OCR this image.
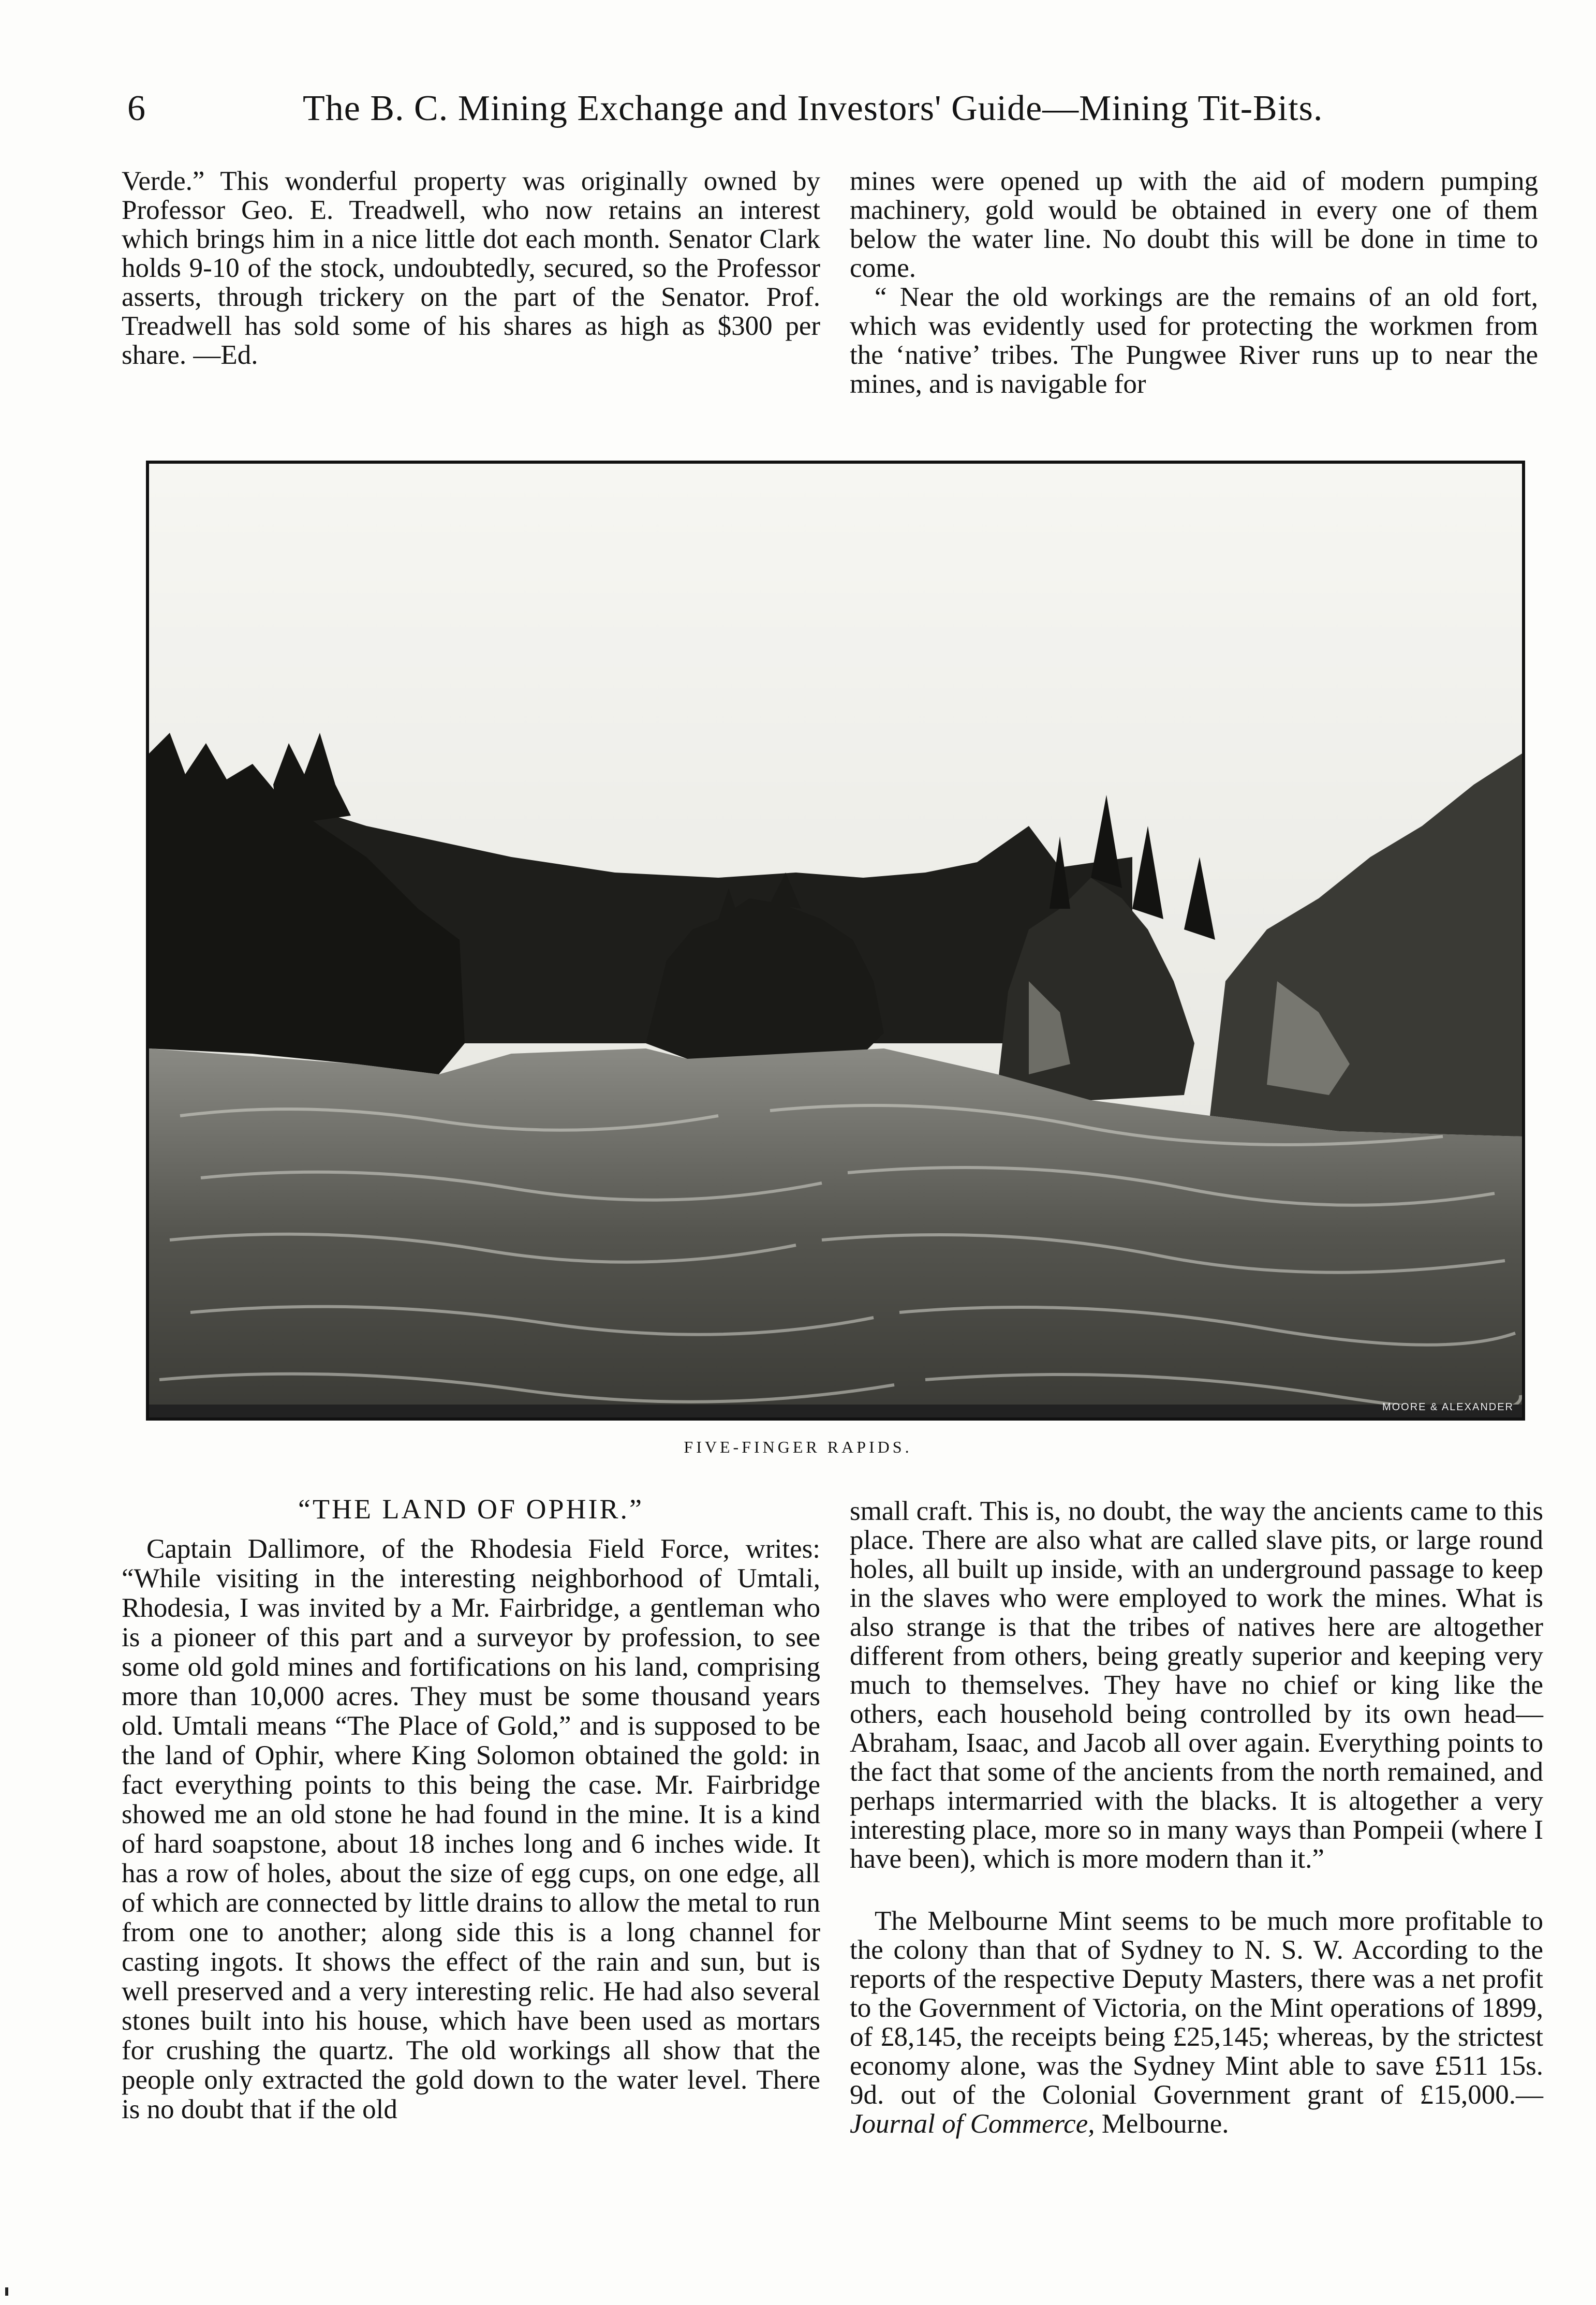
6	The B. C. Mining Exchange and Investors' Guide—Mining Tit-Bits.

Verde.” This wonderful property was originally owned by Professor Geo. E. Treadwell, who now retains an interest which brings him in a nice little dot each month. Senator Clark holds 9-10 of the stock, undoubtedly, secured, so the Professor asserts, through trickery on the part of the Senator. Prof. Treadwell has sold some of his shares as high as $300 per share. —Ed.

mines were opened up with the aid of modern pumping machinery, gold would be obtained in every one of them below the water line. No doubt this will be done in time to come.

“ Near the old workings are the remains of an old fort, which was evidently used for protecting the workmen from the ‘native’ tribes. The Pungwee River runs up to near the mines, and is navigable for

MOORE & ALEXANDER
FIVE-FINGER RAPIDS.
“THE LAND OF OPHIR.”

Captain Dallimore, of the Rhodesia Field Force, writes: “While visiting in the interesting neighborhood of Umtali, Rhodesia, I was invited by a Mr. Fairbridge, a gentleman who is a pioneer of this part and a surveyor by profession, to see some old gold mines and fortifications on his land, comprising more than 10,000 acres. They must be some thousand years old. Umtali means “The Place of Gold,” and is supposed to be the land of Ophir, where King Solomon obtained the gold: in fact everything points to this being the case. Mr. Fairbridge showed me an old stone he had found in the mine. It is a kind of hard soapstone, about 18 inches long and 6 inches wide. It has a row of holes, about the size of egg cups, on one edge, all of which are connected by little drains to allow the metal to run from one to another; along side this is a long channel for casting ingots. It shows the effect of the rain and sun, but is well preserved and a very interesting relic. He had also several stones built into his house, which have been used as mortars for crushing the quartz. The old workings all show that the people only extracted the gold down to the water level. There is no doubt that if the old

small craft. This is, no doubt, the way the ancients came to this place. There are also what are called slave pits, or large round holes, all built up inside, with an underground passage to keep in the slaves who were employed to work the mines. What is also strange is that the tribes of natives here are altogether different from others, being greatly superior and keeping very much to themselves. They have no chief or king like the others, each household being controlled by its own head—Abraham, Isaac, and Jacob all over again. Everything points to the fact that some of the ancients from the north remained, and perhaps intermarried with the blacks. It is altogether a very interesting place, more so in many ways than Pompeii (where I have been), which is more modern than it.”

The Melbourne Mint seems to be much more profitable to the colony than that of Sydney to N. S. W. According to the reports of the respective Deputy Masters, there was a net profit to the Government of Victoria, on the Mint operations of 1899, of £8,145, the receipts being £25,145; whereas, by the strictest economy alone, was the Sydney Mint able to save £511 15s. 9d. out of the Colonial Government grant of £15,000.—Journal of Commerce, Melbourne.
